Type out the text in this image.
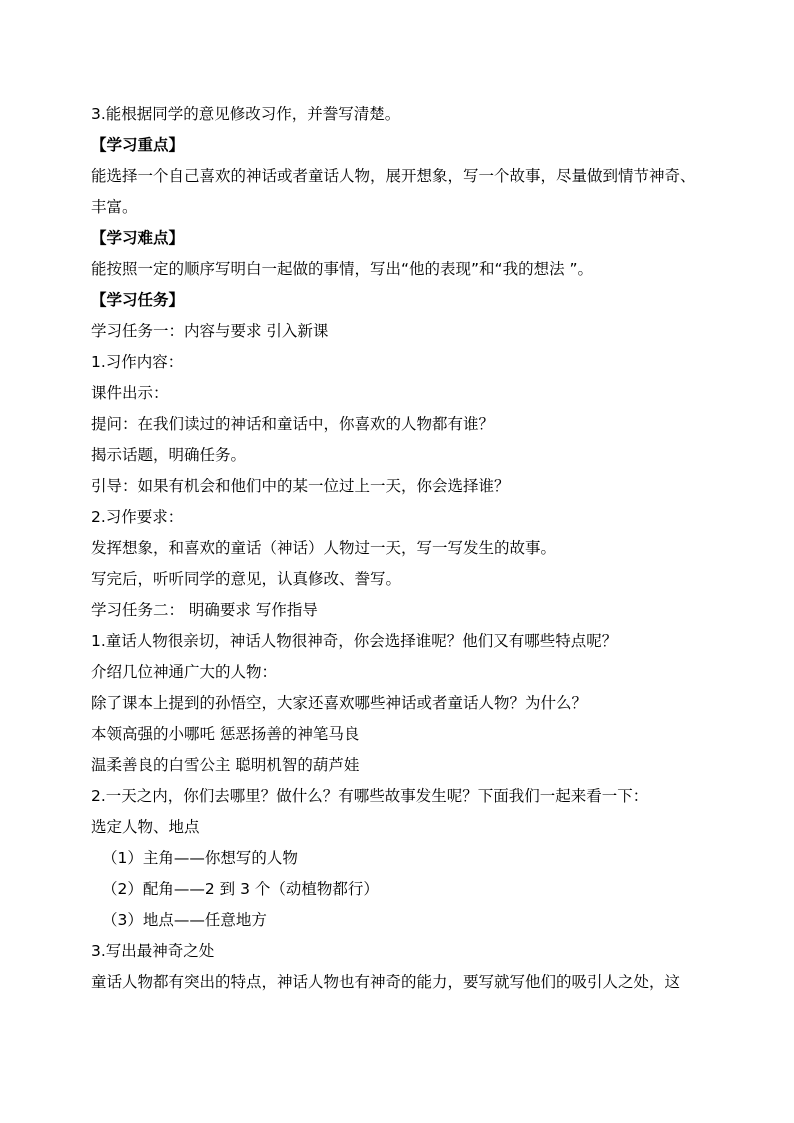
3.能根据同学的意见修改习作，并誊写清楚。
【学习重点】
能选择一个自己喜欢的神话或者童话人物，展开想象，写一个故事，尽量做到情节神奇、
丰富。
【学习难点】
能按照一定的顺序写明白一起做的事情，写出“他的表现”和“我的想法 ”。
【学习任务】
学习任务一：内容与要求 引入新课
1.习作内容：
课件出示：
提问：在我们读过的神话和童话中，你喜欢的人物都有谁？
揭示话题，明确任务。
引导：如果有机会和他们中的某一位过上一天，你会选择谁？
2.习作要求：
发挥想象，和喜欢的童话（神话）人物过一天，写一写发生的故事。
写完后，听听同学的意见，认真修改、誊写。
学习任务二： 明确要求 写作指导
1.童话人物很亲切，神话人物很神奇，你会选择谁呢？他们又有哪些特点呢？
介绍几位神通广大的人物：
除了课本上提到的孙悟空，大家还喜欢哪些神话或者童话人物？为什么？
本领高强的小哪吒 惩恶扬善的神笔马良
温柔善良的白雪公主 聪明机智的葫芦娃
2.一天之内，你们去哪里？做什么？有哪些故事发生呢？下面我们一起来看一下：
选定人物、地点
（1）主角——你想写的人物
（2）配角——2 到 3 个（动植物都行）
（3）地点——任意地方
3.写出最神奇之处
童话人物都有突出的特点，神话人物也有神奇的能力，要写就写他们的吸引人之处，这
